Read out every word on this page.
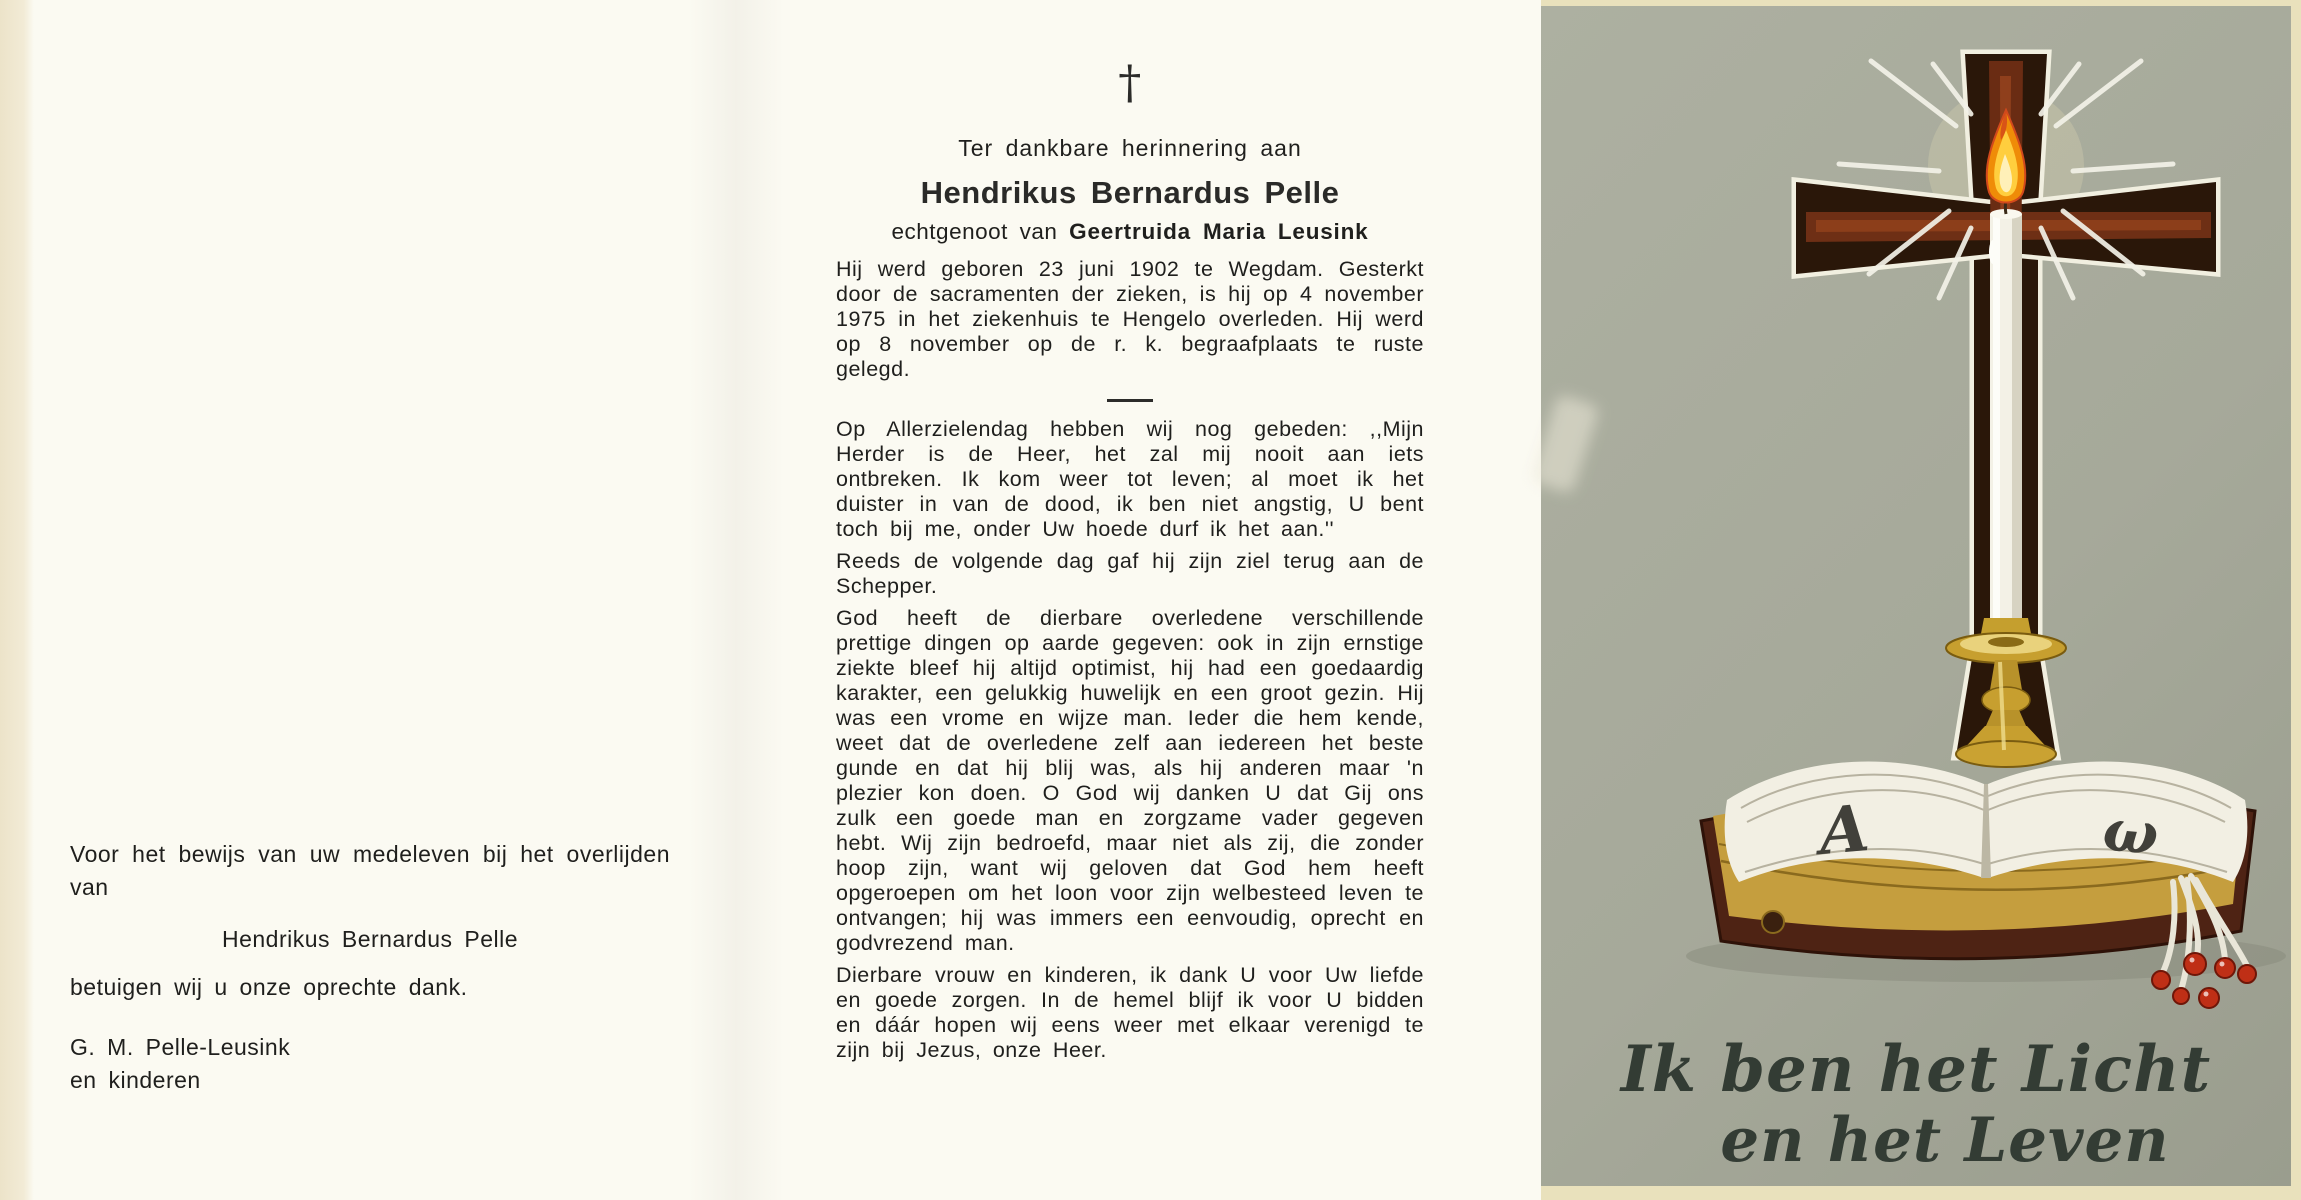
Voor het bewijs van uw medeleven bij het overlijden van

Hendrikus Bernardus Pelle

betuigen wij u onze oprechte dank.

G. M. Pelle-Leusink

en kinderen

†
Ter dankbare herinnering aan
Hendrikus Bernardus Pelle
echtgenoot van Geertruida Maria Leusink

Hij werd geboren 23 juni 1902 te Wegdam. Gesterkt door de sacramenten der zieken, is hij op 4 november 1975 in het ziekenhuis te Hengelo overleden. Hij werd op 8 november op de r. k. begraafplaats te ruste gelegd.

Op Allerzielendag hebben wij nog gebeden: ,,Mijn Herder is de Heer, het zal mij nooit aan iets ontbreken. Ik kom weer tot leven; al moet ik het duister in van de dood, ik ben niet angstig, U bent toch bij me, onder Uw hoede durf ik het aan.''

Reeds de volgende dag gaf hij zijn ziel terug aan de Schepper.

God heeft de dierbare overledene verschillende prettige dingen op aarde gegeven: ook in zijn ernstige ziekte bleef hij altijd optimist, hij had een goedaardig karakter, een gelukkig huwelijk en een groot gezin. Hij was een vrome en wijze man. Ieder die hem kende, weet dat de overledene zelf aan iedereen het beste gunde en dat hij blij was, als hij anderen maar 'n plezier kon doen. O God wij danken U dat Gij ons zulk een goede man en zorgzame vader gegeven hebt. Wij zijn bedroefd, maar niet als zij, die zonder hoop zijn, want wij geloven dat God hem heeft opgeroepen om het loon voor zijn welbesteed leven te ontvangen; hij was immers een eenvoudig, oprecht en godvrezend man.

Dierbare vrouw en kinderen, ik dank U voor Uw liefde en goede zorgen. In de hemel blijf ik voor U bidden en dáár hopen wij eens weer met elkaar verenigd te zijn bij Jezus, onze Heer.

A	ω
Ik ben het Licht
en het Leven
